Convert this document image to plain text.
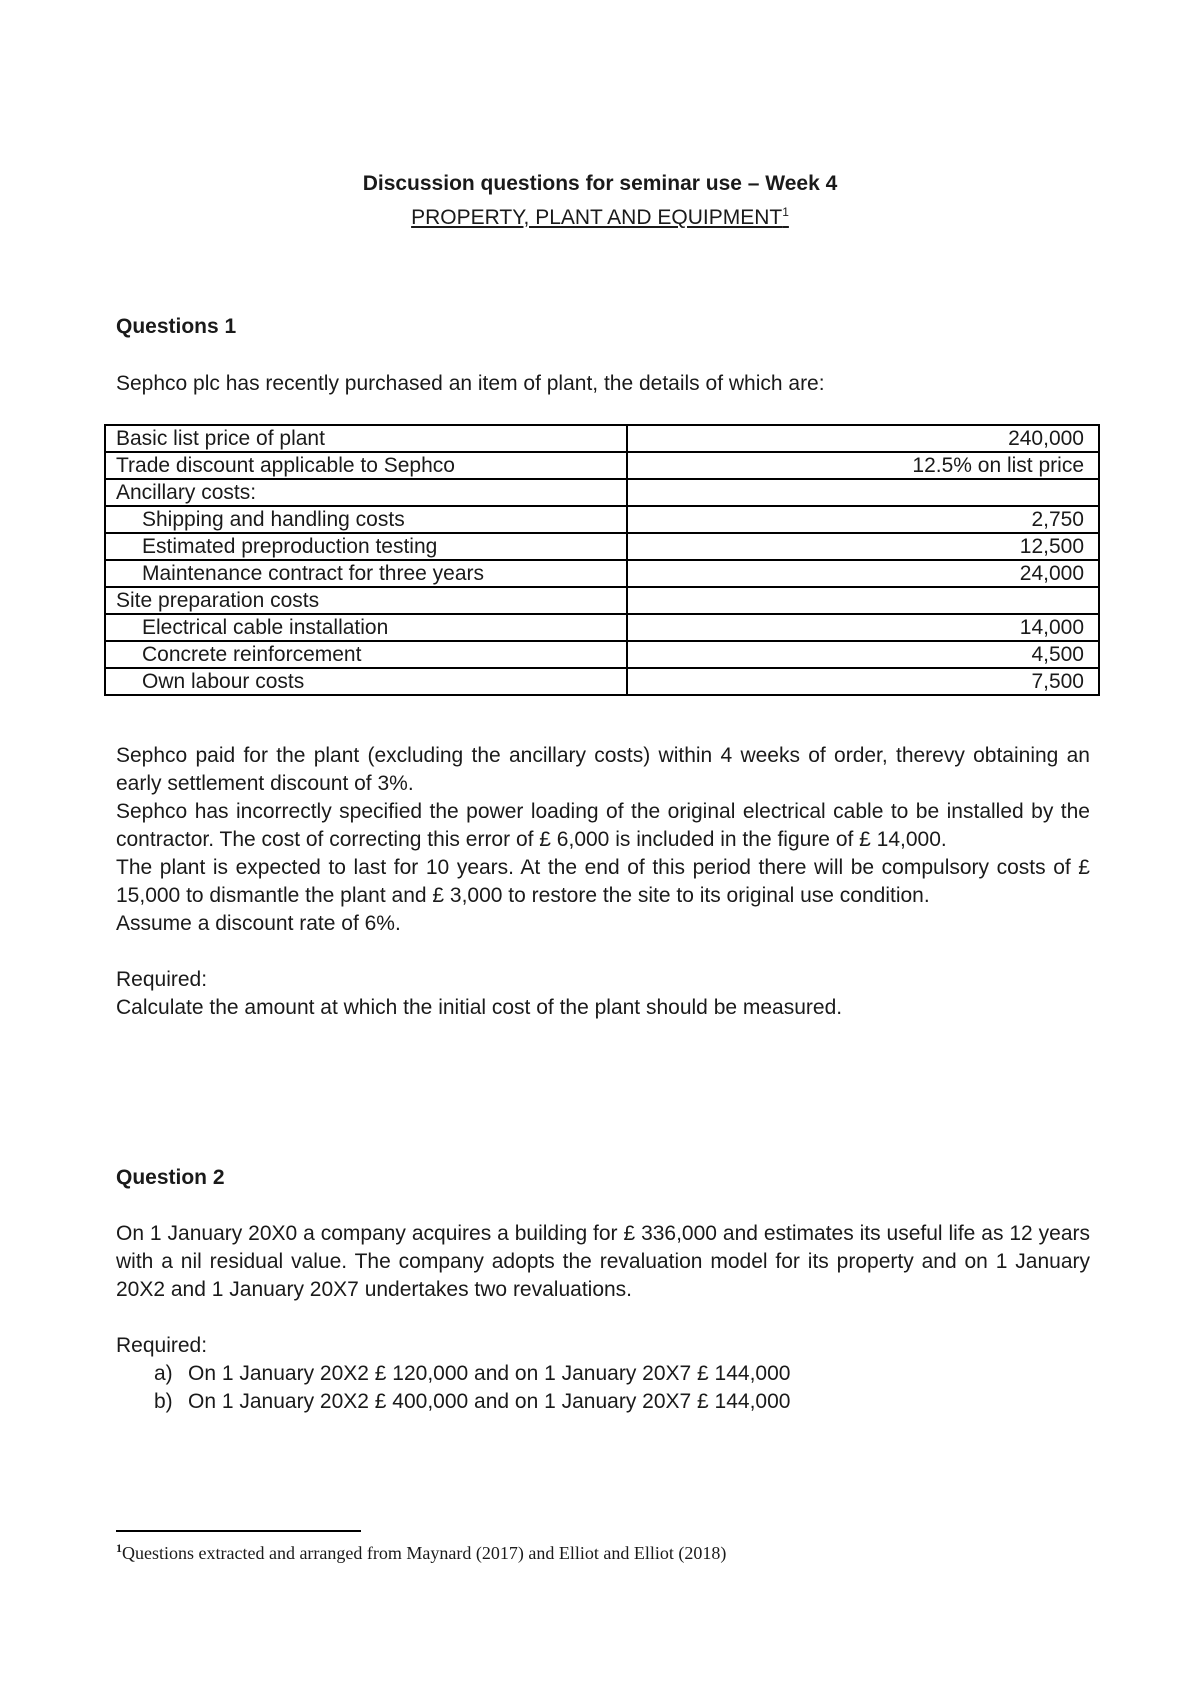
Discussion questions for seminar use – Week 4
PROPERTY, PLANT AND EQUIPMENT$^1$
Questions 1
Sephco plc has recently purchased an item of plant, the details of which are:
Basic list price of plant	240,000
Trade discount applicable to Sephco	12.5% on list price
Ancillary costs:	
Shipping and handling costs	2,750
Estimated preproduction testing	12,500
Maintenance contract for three years	24,000
Site preparation costs	
Electrical cable installation	14,000
Concrete reinforcement	4,500
Own labour costs	7,500

Sephco paid for the plant (excluding the ancillary costs) within 4 weeks of order, therevy obtaining an early settlement discount of 3%.

Sephco has incorrectly specified the power loading of the original electrical cable to be installed by the contractor. The cost of correcting this error of £ 6,000 is included in the figure of £ 14,000.

The plant is expected to last for 10 years. At the end of this period there will be compulsory costs of £ 15,000 to dismantle the plant and £ 3,000 to restore the site to its original use condition.

Assume a discount rate of 6%.

Required:

Calculate the amount at which the initial cost of the plant should be measured.

Question 2

On 1 January 20X0 a company acquires a building for £ 336,000 and estimates its useful life as 12 years with a nil residual value. The company adopts the revaluation model for its property and on 1 January 20X2 and 1 January 20X7 undertakes two revaluations.

Required:

a) On 1 January 20X2 £ 120,000 and on 1 January 20X7 £ 144,000
b) On 1 January 20X2 £ 400,000 and on 1 January 20X7 £ 144,000
$^1$Questions extracted and arranged from Maynard (2017) and Elliot and Elliot (2018)
